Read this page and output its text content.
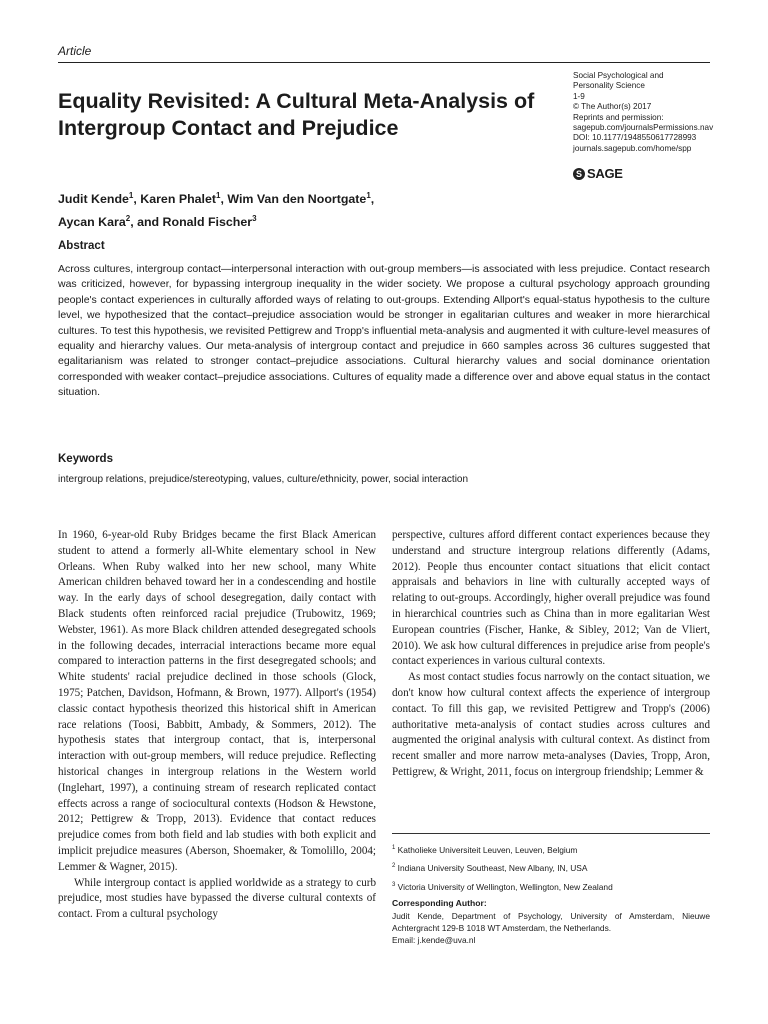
Article
Equality Revisited: A Cultural Meta-Analysis of Intergroup Contact and Prejudice
Social Psychological and
Personality Science
1-9
© The Author(s) 2017
Reprints and permission:
sagepub.com/journalsPermissions.nav
DOI: 10.1177/1948550617728993
journals.sagepub.com/home/spp
S SAGE
Judit Kende$^1$, Karen Phalet$^1$, Wim Van den Noortgate$^1$,
Aycan Kara$^2$, and Ronald Fischer$^3$
Abstract

Across cultures, intergroup contact—interpersonal interaction with out-group members—is associated with less prejudice. Contact research was criticized, however, for bypassing intergroup inequality in the wider society. We propose a cultural psychology approach grounding people's contact experiences in culturally afforded ways of relating to out-groups. Extending Allport's equal-status hypothesis to the culture level, we hypothesized that the contact–prejudice association would be stronger in egalitarian cultures and weaker in more hierarchical cultures. To test this hypothesis, we revisited Pettigrew and Tropp's influential meta-analysis and augmented it with culture-level measures of equality and hierarchy values. Our meta-analysis of intergroup contact and prejudice in 660 samples across 36 cultures suggested that egalitarianism was related to stronger contact–prejudice associations. Cultural hierarchy values and social dominance orientation corresponded with weaker contact–prejudice associations. Cultures of equality made a difference over and above equal status in the contact situation.

Keywords
intergroup relations, prejudice/stereotyping, values, culture/ethnicity, power, social interaction

In 1960, 6-year-old Ruby Bridges became the first Black American student to attend a formerly all-White elementary school in New Orleans. When Ruby walked into her new school, many White American children behaved toward her in a condescending and hostile way. In the early days of school desegregation, daily contact with Black students often reinforced racial prejudice (Trubowitz, 1969; Webster, 1961). As more Black children attended desegregated schools in the following decades, interracial interactions became more equal compared to interaction patterns in the first desegregated schools; and White students' racial prejudice declined in those schools (Glock, 1975; Patchen, Davidson, Hofmann, & Brown, 1977). Allport's (1954) classic contact hypothesis theorized this historical shift in American race relations (Toosi, Babbitt, Ambady, & Sommers, 2012). The hypothesis states that intergroup contact, that is, interpersonal interaction with out-group members, will reduce prejudice. Reflecting historical changes in intergroup relations in the Western world (Inglehart, 1997), a continuing stream of research replicated contact effects across a range of sociocultural contexts (Hodson & Hewstone, 2012; Pettigrew & Tropp, 2013). Evidence that contact reduces prejudice comes from both field and lab studies with both explicit and implicit prejudice measures (Aberson, Shoemaker, & Tomolillo, 2004; Lemmer & Wagner, 2015).

While intergroup contact is applied worldwide as a strategy to curb prejudice, most studies have bypassed the diverse cultural contexts of contact. From a cultural psychology

perspective, cultures afford different contact experiences because they understand and structure intergroup relations differently (Adams, 2012). People thus encounter contact situations that elicit contact appraisals and behaviors in line with culturally accepted ways of relating to out-groups. Accordingly, higher overall prejudice was found in hierarchical countries such as China than in more egalitarian West European countries (Fischer, Hanke, & Sibley, 2012; Van de Vliert, 2010). We ask how cultural differences in prejudice arise from people's contact experiences in various cultural contexts.

As most contact studies focus narrowly on the contact situation, we don't know how cultural context affects the experience of intergroup contact. To fill this gap, we revisited Pettigrew and Tropp's (2006) authoritative meta-analysis of contact studies across cultures and augmented the original analysis with cultural context. As distinct from recent smaller and more narrow meta-analyses (Davies, Tropp, Aron, Pettigrew, & Wright, 2011, focus on intergroup friendship; Lemmer &

$^1$ Katholieke Universiteit Leuven, Leuven, Belgium
$^2$ Indiana University Southeast, New Albany, IN, USA
$^3$ Victoria University of Wellington, Wellington, New Zealand
Corresponding Author:

Judit Kende, Department of Psychology, University of Amsterdam, Nieuwe Achtergracht 129-B 1018 WT Amsterdam, the Netherlands.
Email: j.kende@uva.nl
